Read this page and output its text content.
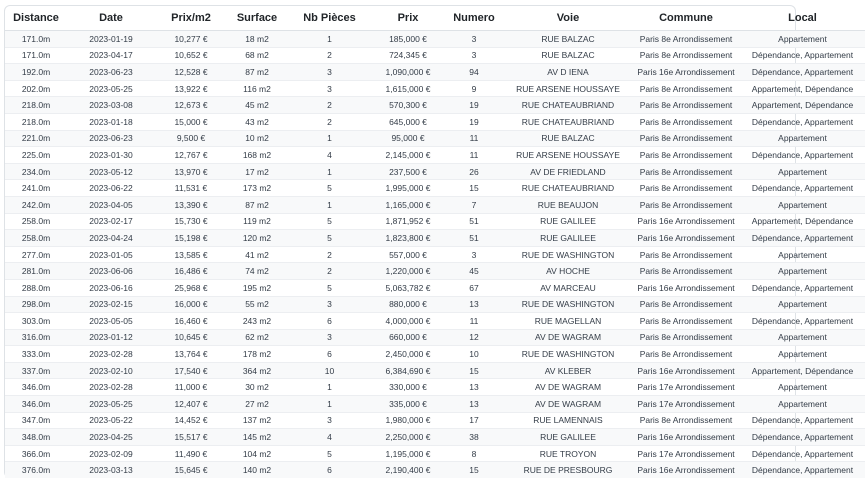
Distance	Date	Prix/m2	Surface	Nb Pièces	Prix	Numero	Voie	Commune	Local
171.0m	2023-01-19	10,277 €	18 m2	1	185,000 €	3	RUE BALZAC	Paris 8e Arrondissement	Appartement
171.0m	2023-04-17	10,652 €	68 m2	2	724,345 €	3	RUE BALZAC	Paris 8e Arrondissement	Dépendance, Appartement
192.0m	2023-06-23	12,528 €	87 m2	3	1,090,000 €	94	AV D IENA	Paris 16e Arrondissement	Dépendance, Appartement
202.0m	2023-05-25	13,922 €	116 m2	3	1,615,000 €	9	RUE ARSENE HOUSSAYE	Paris 8e Arrondissement	Appartement, Dépendance
218.0m	2023-03-08	12,673 €	45 m2	2	570,300 €	19	RUE CHATEAUBRIAND	Paris 8e Arrondissement	Appartement, Dépendance
218.0m	2023-01-18	15,000 €	43 m2	2	645,000 €	19	RUE CHATEAUBRIAND	Paris 8e Arrondissement	Dépendance, Appartement
221.0m	2023-06-23	9,500 €	10 m2	1	95,000 €	11	RUE BALZAC	Paris 8e Arrondissement	Appartement
225.0m	2023-01-30	12,767 €	168 m2	4	2,145,000 €	11	RUE ARSENE HOUSSAYE	Paris 8e Arrondissement	Dépendance, Appartement
234.0m	2023-05-12	13,970 €	17 m2	1	237,500 €	26	AV DE FRIEDLAND	Paris 8e Arrondissement	Appartement
241.0m	2023-06-22	11,531 €	173 m2	5	1,995,000 €	15	RUE CHATEAUBRIAND	Paris 8e Arrondissement	Dépendance, Appartement
242.0m	2023-04-05	13,390 €	87 m2	1	1,165,000 €	7	RUE BEAUJON	Paris 8e Arrondissement	Appartement
258.0m	2023-02-17	15,730 €	119 m2	5	1,871,952 €	51	RUE GALILEE	Paris 16e Arrondissement	Appartement, Dépendance
258.0m	2023-04-24	15,198 €	120 m2	5	1,823,800 €	51	RUE GALILEE	Paris 16e Arrondissement	Dépendance, Appartement
277.0m	2023-01-05	13,585 €	41 m2	2	557,000 €	3	RUE DE WASHINGTON	Paris 8e Arrondissement	Appartement
281.0m	2023-06-06	16,486 €	74 m2	2	1,220,000 €	45	AV HOCHE	Paris 8e Arrondissement	Appartement
288.0m	2023-06-16	25,968 €	195 m2	5	5,063,782 €	67	AV MARCEAU	Paris 16e Arrondissement	Dépendance, Appartement
298.0m	2023-02-15	16,000 €	55 m2	3	880,000 €	13	RUE DE WASHINGTON	Paris 8e Arrondissement	Appartement
303.0m	2023-05-05	16,460 €	243 m2	6	4,000,000 €	11	RUE MAGELLAN	Paris 8e Arrondissement	Dépendance, Appartement
316.0m	2023-01-12	10,645 €	62 m2	3	660,000 €	12	AV DE WAGRAM	Paris 8e Arrondissement	Appartement
333.0m	2023-02-28	13,764 €	178 m2	6	2,450,000 €	10	RUE DE WASHINGTON	Paris 8e Arrondissement	Appartement
337.0m	2023-02-10	17,540 €	364 m2	10	6,384,690 €	15	AV KLEBER	Paris 16e Arrondissement	Appartement, Dépendance
346.0m	2023-02-28	11,000 €	30 m2	1	330,000 €	13	AV DE WAGRAM	Paris 17e Arrondissement	Appartement
346.0m	2023-05-25	12,407 €	27 m2	1	335,000 €	13	AV DE WAGRAM	Paris 17e Arrondissement	Appartement
347.0m	2023-05-22	14,452 €	137 m2	3	1,980,000 €	17	RUE LAMENNAIS	Paris 8e Arrondissement	Dépendance, Appartement
348.0m	2023-04-25	15,517 €	145 m2	4	2,250,000 €	38	RUE GALILEE	Paris 16e Arrondissement	Dépendance, Appartement
366.0m	2023-02-09	11,490 €	104 m2	5	1,195,000 €	8	RUE TROYON	Paris 17e Arrondissement	Dépendance, Appartement
376.0m	2023-03-13	15,645 €	140 m2	6	2,190,400 €	15	RUE DE PRESBOURG	Paris 16e Arrondissement	Dépendance, Appartement
